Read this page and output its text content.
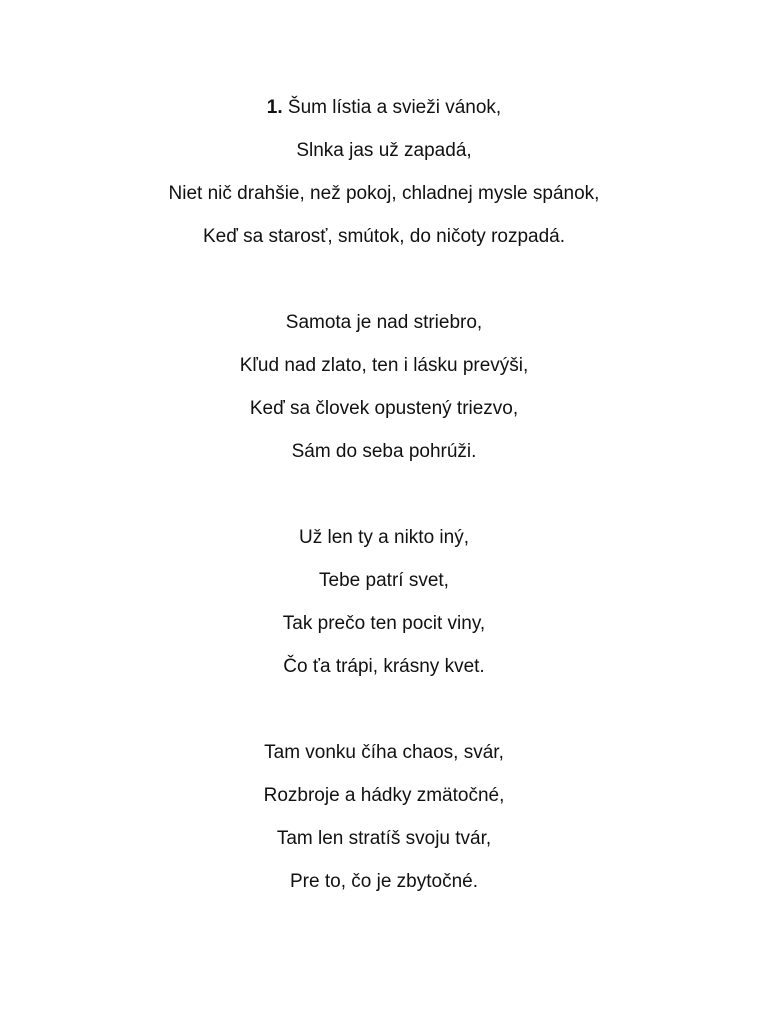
1. Šum lístia a svieži vánok,
Slnka jas už zapadá,
Niet nič drahšie, než pokoj, chladnej mysle spánok,
Keď sa starosť, smútok, do ničoty rozpadá.
Samota je nad striebro,
Kľud nad zlato, ten i lásku prevýši,
Keď sa človek opustený triezvo,
Sám do seba pohrúži.
Už len ty a nikto iný,
Tebe patrí svet,
Tak prečo ten pocit viny,
Čo ťa trápi, krásny kvet.
Tam vonku číha chaos, svár,
Rozbroje a hádky zmätočné,
Tam len stratíš svoju tvár,
Pre to, čo je zbytočné.
